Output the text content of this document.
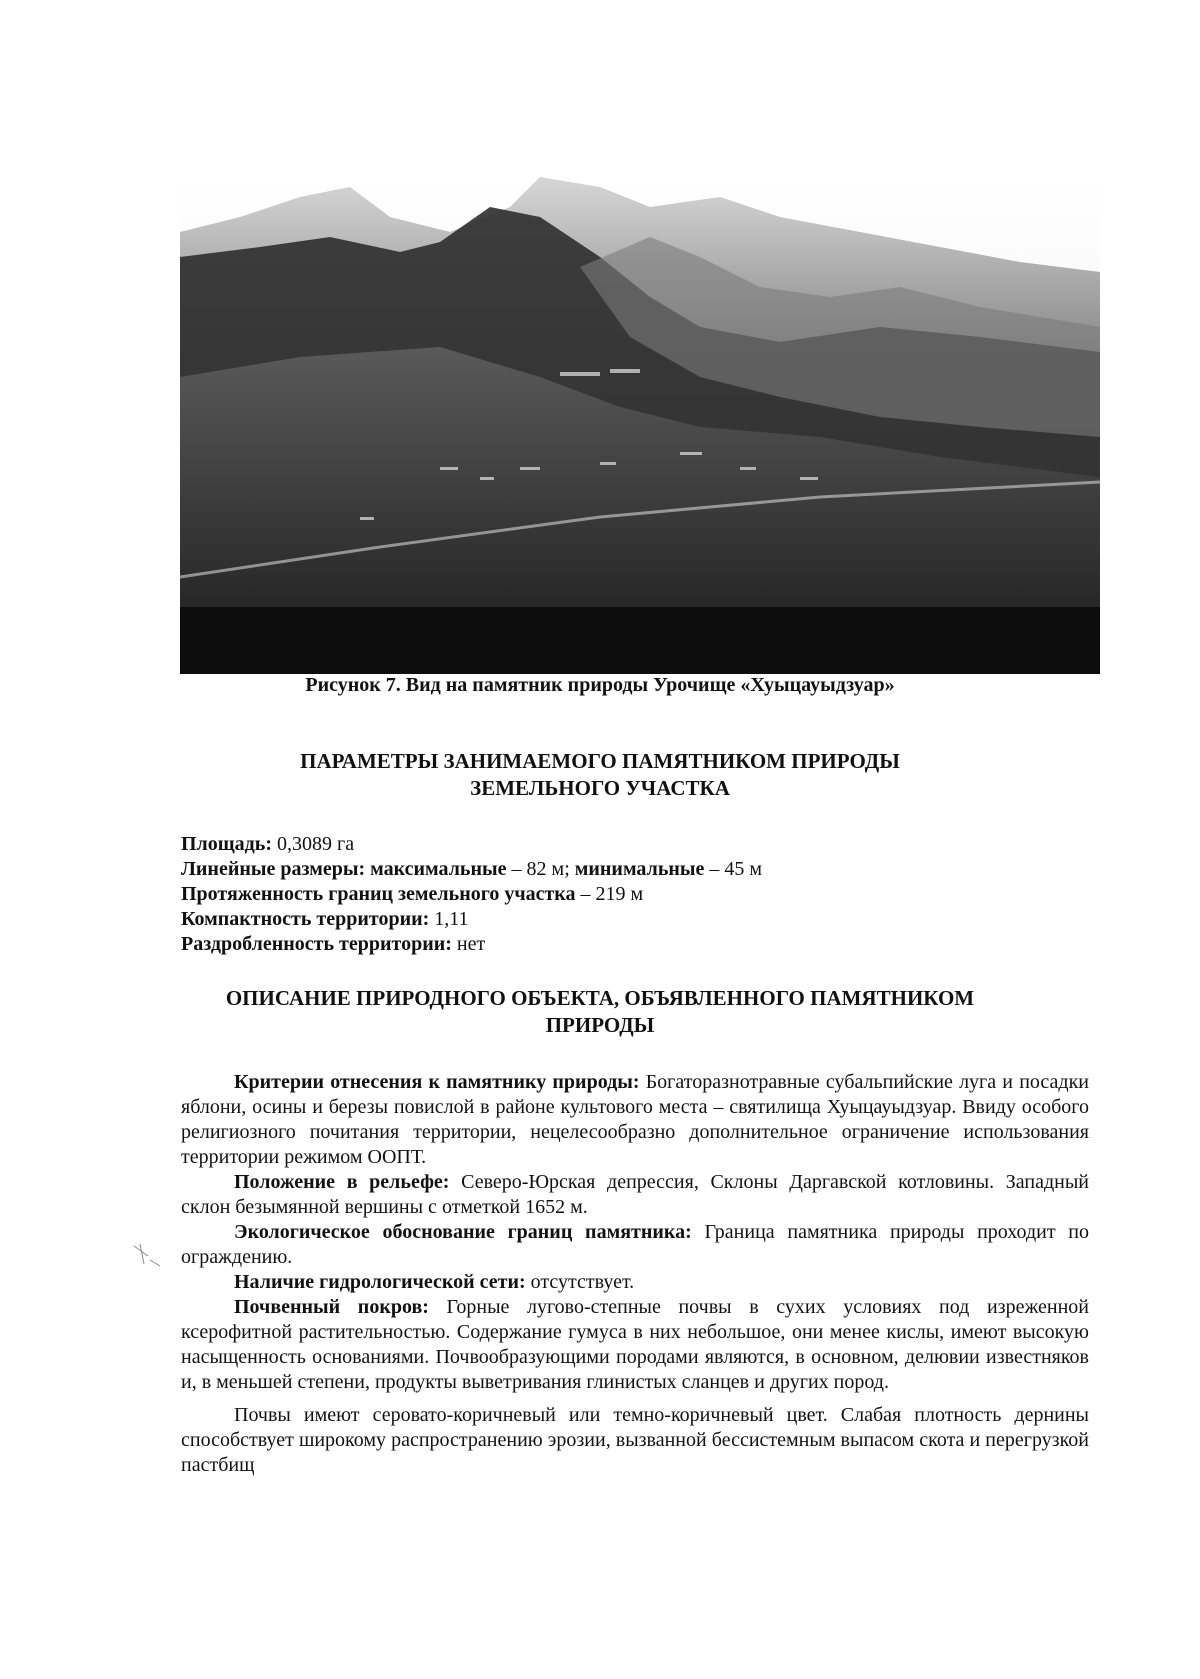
Рисунок 7. Вид на памятник природы Урочище «Хуыцауыдзуар»
ПАРАМЕТРЫ ЗАНИМАЕМОГО ПАМЯТНИКОМ ПРИРОДЫ
ЗЕМЕЛЬНОГО УЧАСТКА
Площадь: 0,3089 га
Линейные размеры: максимальные – 82 м; минимальные – 45 м
Протяженность границ земельного участка – 219 м
Компактность территории: 1,11
Раздробленность территории: нет
ОПИСАНИЕ ПРИРОДНОГО ОБЪЕКТА, ОБЪЯВЛЕННОГО ПАМЯТНИКОМ
ПРИРОДЫ

Критерии отнесения к памятнику природы: Богаторазнотравные субальпийские луга и посадки яблони, осины и березы повислой в районе культового места – святилища Хуыцауыдзуар. Ввиду особого религиозного почитания территории, нецелесообразно дополнительное ограничение использования территории режимом ООПТ.

Положение в рельефе: Северо-Юрская депрессия, Склоны Даргавской котловины. Западный склон безымянной вершины с отметкой 1652 м.

Экологическое обоснование границ памятника: Граница памятника природы проходит по ограждению.

Наличие гидрологической сети: отсутствует.

Почвенный покров: Горные лугово-степные почвы в сухих условиях под изреженной ксерофитной растительностью. Содержание гумуса в них небольшое, они менее кислы, имеют высокую насыщенность основаниями. Почвообразующими породами являются, в основном, делювии известняков и, в меньшей степени, продукты выветривания глинистых сланцев и других пород.

Почвы имеют серовато-коричневый или темно-коричневый цвет. Слабая плотность дернины способствует широкому распространению эрозии, вызванной бессистемным выпасом скота и перегрузкой пастбищ
